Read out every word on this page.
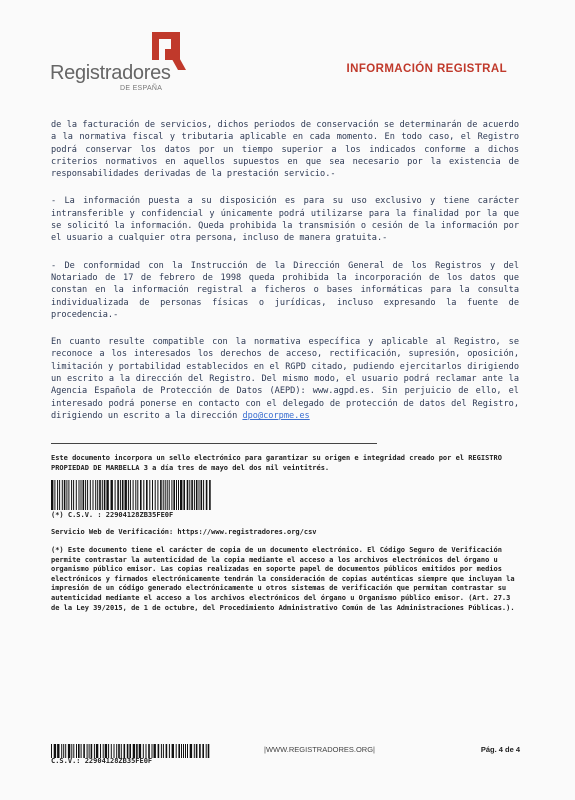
Registradores
DE ESPAÑA
INFORMACIÓN REGISTRAL

de la facturación de servicios, dichos periodos de conservación se determinarán de acuerdo a la normativa fiscal y tributaria aplicable en cada momento. En todo caso, el Registro podrá conservar los datos por un tiempo superior a los indicados conforme a dichos criterios normativos en aquellos supuestos en que sea necesario por la existencia de responsabilidades derivadas de la prestación servicio.-

- La información puesta a su disposición es para su uso exclusivo y tiene carácter intransferible y confidencial y únicamente podrá utilizarse para la finalidad por la que se solicitó la información. Queda prohibida la transmisión o cesión de la información por el usuario a cualquier otra persona, incluso de manera gratuita.-

- De conformidad con la Instrucción de la Dirección General de los Registros y del Notariado de 17 de febrero de 1998 queda prohibida la incorporación de los datos que constan en la información registral a ficheros o bases informáticas para la consulta individualizada de personas físicas o jurídicas, incluso expresando la fuente de procedencia.-

En cuanto resulte compatible con la normativa específica y aplicable al Registro, se reconoce a los interesados los derechos de acceso, rectificación, supresión, oposición, limitación y portabilidad establecidos en el RGPD citado, pudiendo ejercitarlos dirigiendo un escrito a la dirección del Registro. Del mismo modo, el usuario podrá reclamar ante la Agencia Española de Protección de Datos (AEPD): www.agpd.es. Sin perjuicio de ello, el interesado podrá ponerse en contacto con el delegado de protección de datos del Registro, dirigiendo un escrito a la dirección dpo@corpme.es

Este documento incorpora un sello electrónico para garantizar su origen e integridad creado por el REGISTRO PROPIEDAD DE MARBELLA 3 a día tres de mayo del dos mil veintitrés.
(*) C.S.V. : 22904128ZB35FE0F
Servicio Web de Verificación: https://www.registradores.org/csv
(*) Este documento tiene el carácter de copia de un documento electrónico. El Código Seguro de Verificación permite contrastar la autenticidad de la copia mediante el acceso a los archivos electrónicos del órgano u organismo público emisor. Las copias realizadas en soporte papel de documentos públicos emitidos por medios electrónicos y firmados electrónicamente tendrán la consideración de copias auténticas siempre que incluyan la impresión de un código generado electrónicamente u otros sistemas de verificación que permitan contrastar su autenticidad mediante el acceso a los archivos electrónicos del órgano u Organismo público emisor. (Art. 27.3 de la Ley 39/2015, de 1 de octubre, del Procedimiento Administrativo Común de las Administraciones Públicas.).
C.S.V.: 22904128ZB35FE0F
|WWW.REGISTRADORES.ORG|	Pág. 4 de 4
